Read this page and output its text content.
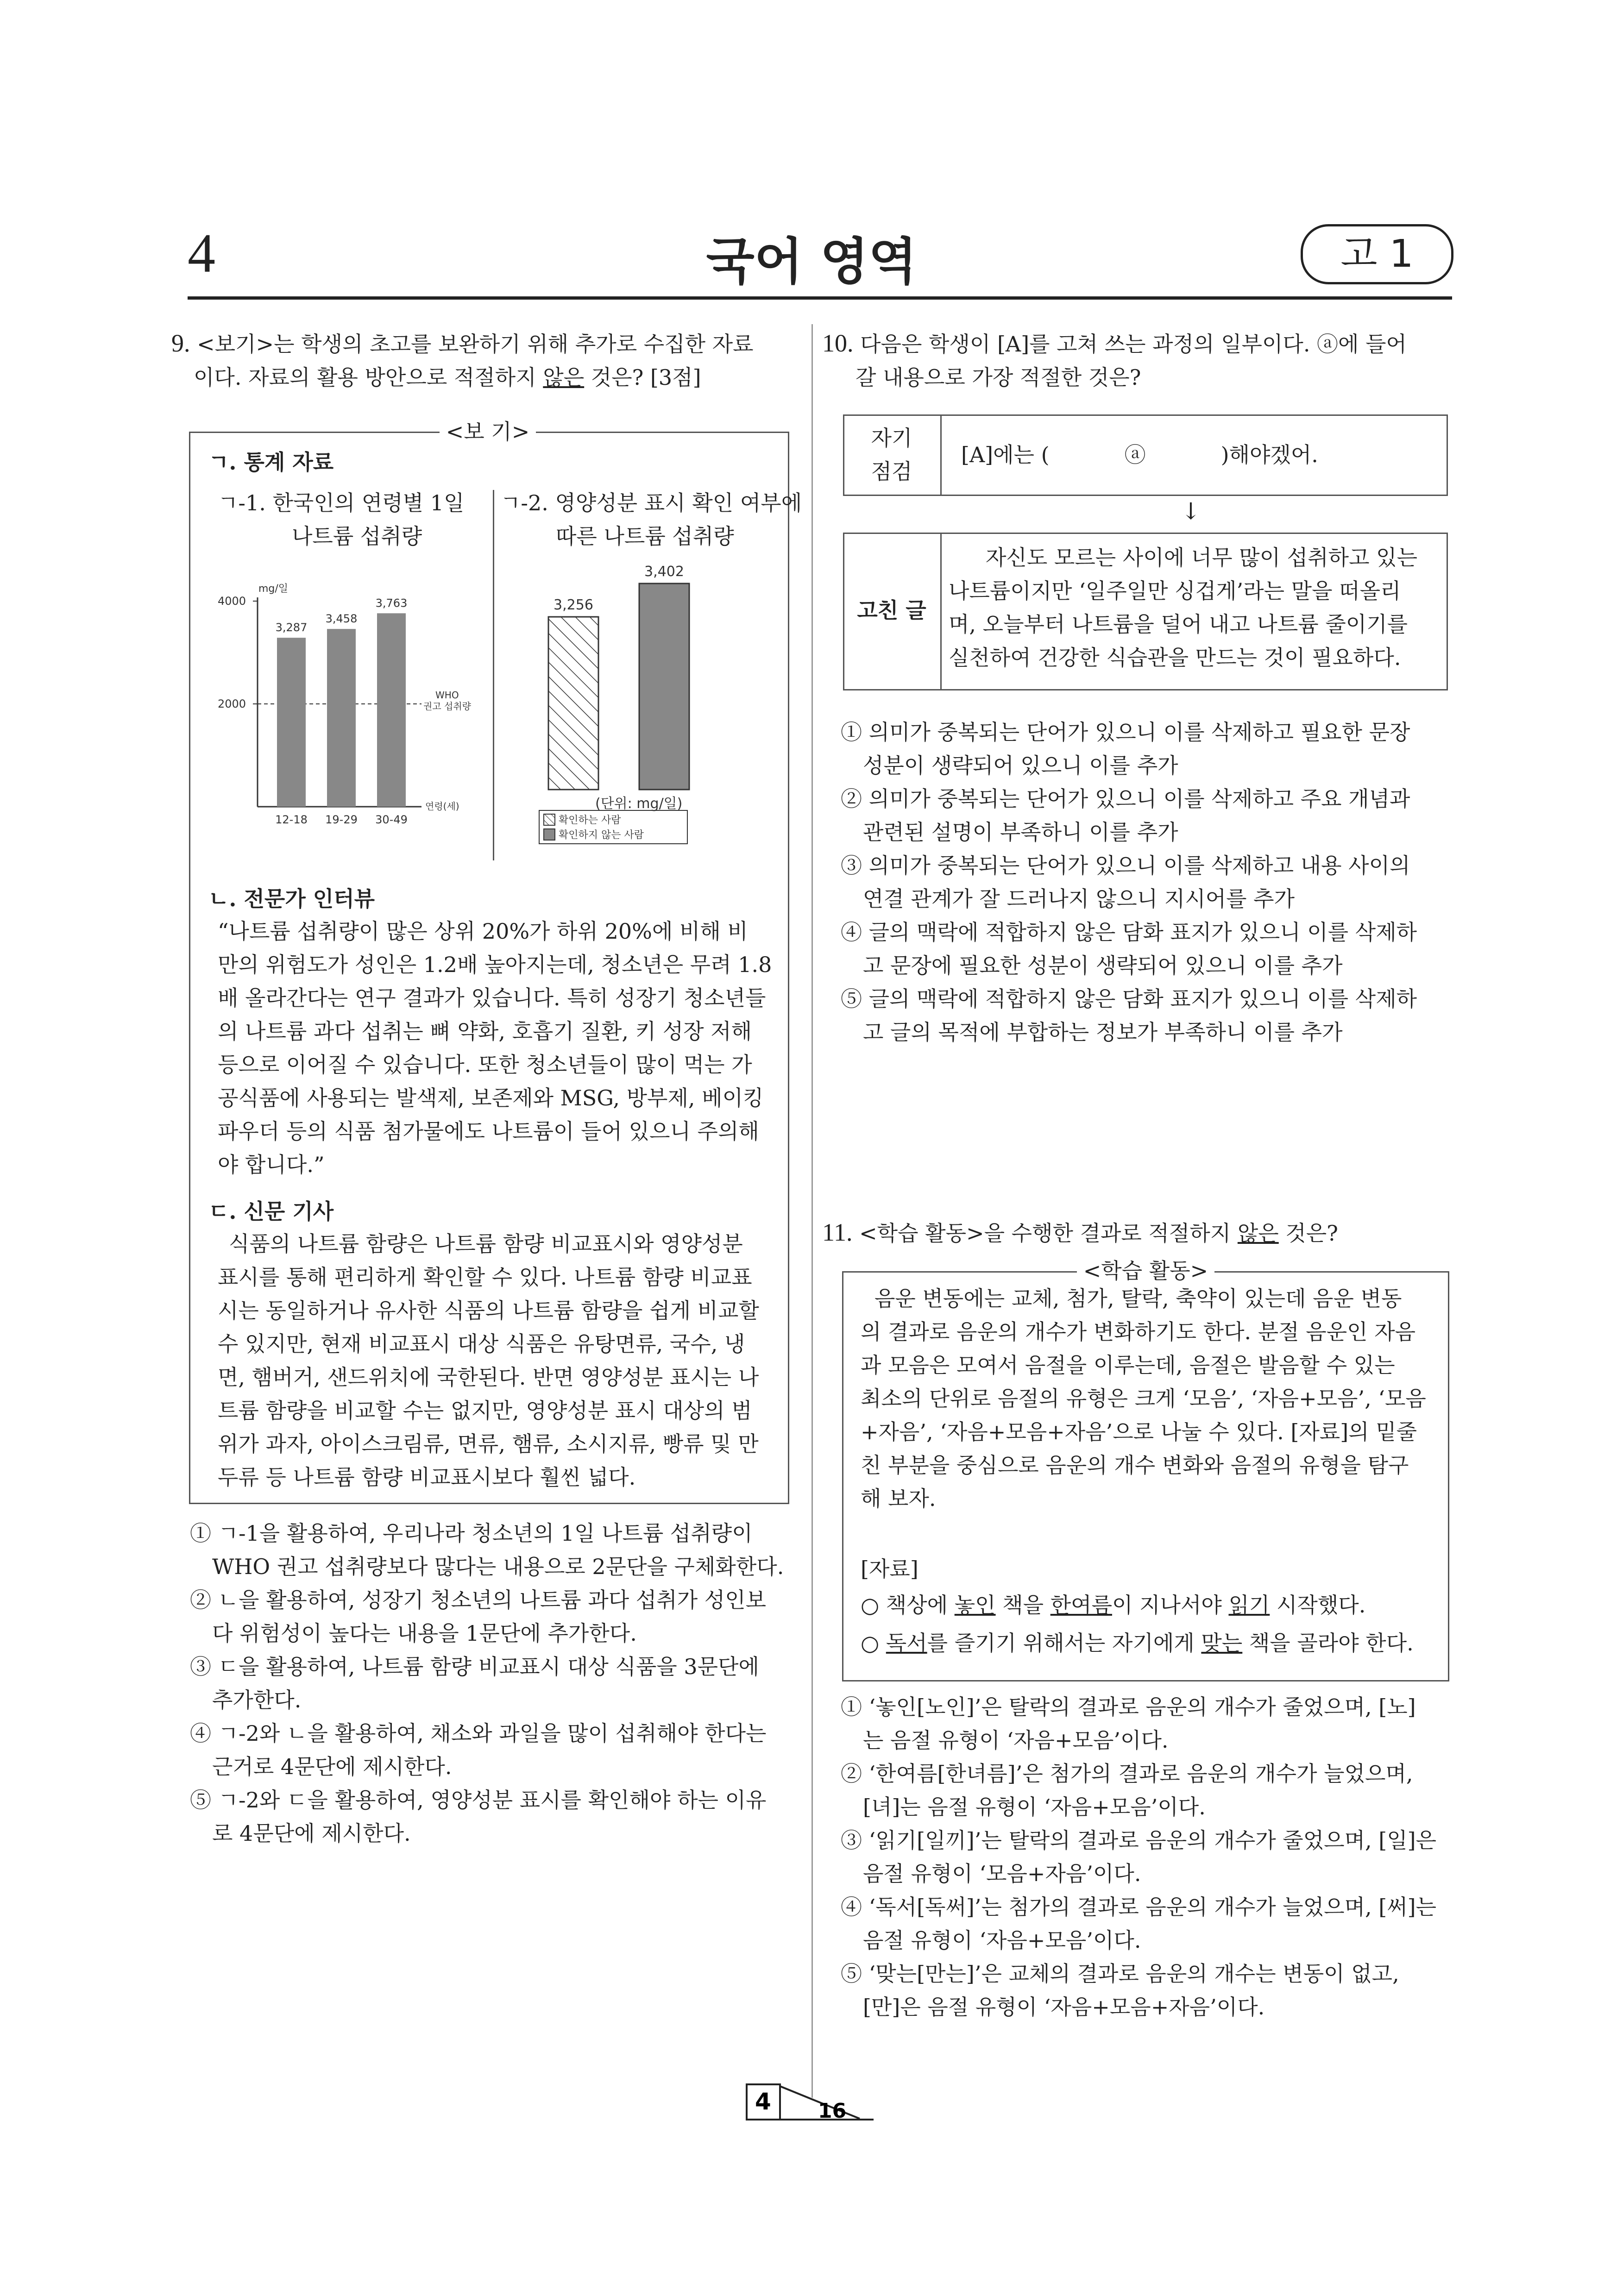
4	국어 영역	고 1
9. <보기>는 학생의 초고를 보완하기 위해 추가로 수집한 자료
이다. 자료의 활용 방안으로 적절하지 않은 것은? [3점]
<보 기>
ㄱ. 통계 자료
ㄱ-1. 한국인의 연령별 1일
나트륨 섭취량
ㄱ-2. 영양성분 표시 확인 여부에
따른 나트륨 섭취량
mg/일
4000
2000
WHO
권고 섭취량
3,287
12-18
3,458
19-29
3,763
30-49
연령(세)
3,256
3,402
(단위: mg/일)
확인하는 사람
확인하지 않는 사람
ㄴ. 전문가 인터뷰
“나트륨 섭취량이 많은 상위 20%가 하위 20%에 비해 비
만의 위험도가 성인은 1.2배 높아지는데, 청소년은 무려 1.8
배 올라간다는 연구 결과가 있습니다. 특히 성장기 청소년들
의 나트륨 과다 섭취는 뼈 약화, 호흡기 질환, 키 성장 저해
등으로 이어질 수 있습니다. 또한 청소년들이 많이 먹는 가
공식품에 사용되는 발색제, 보존제와 MSG, 방부제, 베이킹
파우더 등의 식품 첨가물에도 나트륨이 들어 있으니 주의해
야 합니다.”
ㄷ. 신문 기사
식품의 나트륨 함량은 나트륨 함량 비교표시와 영양성분
표시를 통해 편리하게 확인할 수 있다. 나트륨 함량 비교표
시는 동일하거나 유사한 식품의 나트륨 함량을 쉽게 비교할
수 있지만, 현재 비교표시 대상 식품은 유탕면류, 국수, 냉
면, 햄버거, 샌드위치에 국한된다. 반면 영양성분 표시는 나
트륨 함량을 비교할 수는 없지만, 영양성분 표시 대상의 범
위가 과자, 아이스크림류, 면류, 햄류, 소시지류, 빵류 및 만
두류 등 나트륨 함량 비교표시보다 훨씬 넓다.
① ㄱ-1을 활용하여, 우리나라 청소년의 1일 나트륨 섭취량이
WHO 권고 섭취량보다 많다는 내용으로 2문단을 구체화한다.
② ㄴ을 활용하여, 성장기 청소년의 나트륨 과다 섭취가 성인보
다 위험성이 높다는 내용을 1문단에 추가한다.
③ ㄷ을 활용하여, 나트륨 함량 비교표시 대상 식품을 3문단에
추가한다.
④ ㄱ-2와 ㄴ을 활용하여, 채소와 과일을 많이 섭취해야 한다는
근거로 4문단에 제시한다.
⑤ ㄱ-2와 ㄷ을 활용하여, 영양성분 표시를 확인해야 하는 이유
로 4문단에 제시한다.
10. 다음은 학생이 [A]를 고쳐 쓰는 과정의 일부이다. ⓐ에 들어
갈 내용으로 가장 적절한 것은?
자기
점검
[A]에는 (	ⓐ	)해야겠어.
↓
고친 글
자신도 모르는 사이에 너무 많이 섭취하고 있는
나트륨이지만 ‘일주일만 싱겁게’라는 말을 떠올리
며, 오늘부터 나트륨을 덜어 내고 나트륨 줄이기를
실천하여 건강한 식습관을 만드는 것이 필요하다.
① 의미가 중복되는 단어가 있으니 이를 삭제하고 필요한 문장
성분이 생략되어 있으니 이를 추가
② 의미가 중복되는 단어가 있으니 이를 삭제하고 주요 개념과
관련된 설명이 부족하니 이를 추가
③ 의미가 중복되는 단어가 있으니 이를 삭제하고 내용 사이의
연결 관계가 잘 드러나지 않으니 지시어를 추가
④ 글의 맥락에 적합하지 않은 담화 표지가 있으니 이를 삭제하
고 문장에 필요한 성분이 생략되어 있으니 이를 추가
⑤ 글의 맥락에 적합하지 않은 담화 표지가 있으니 이를 삭제하
고 글의 목적에 부합하는 정보가 부족하니 이를 추가
11. <학습 활동>을 수행한 결과로 적절하지 않은 것은?
<학습 활동>
음운 변동에는 교체, 첨가, 탈락, 축약이 있는데 음운 변동
의 결과로 음운의 개수가 변화하기도 한다. 분절 음운인 자음
과 모음은 모여서 음절을 이루는데, 음절은 발음할 수 있는
최소의 단위로 음절의 유형은 크게 ‘모음’, ‘자음+모음’, ‘모음
+자음’, ‘자음+모음+자음’으로 나눌 수 있다. [자료]의 밑줄
친 부분을 중심으로 음운의 개수 변화와 음절의 유형을 탐구
해 보자.
[자료]
○ 책상에 놓인 책을 한여름이 지나서야 읽기 시작했다.
○ 독서를 즐기기 위해서는 자기에게 맞는 책을 골라야 한다.
① ‘놓인[노인]’은 탈락의 결과로 음운의 개수가 줄었으며, [노]
는 음절 유형이 ‘자음+모음’이다.
② ‘한여름[한녀름]’은 첨가의 결과로 음운의 개수가 늘었으며,
[녀]는 음절 유형이 ‘자음+모음’이다.
③ ‘읽기[일끼]’는 탈락의 결과로 음운의 개수가 줄었으며, [일]은
음절 유형이 ‘모음+자음’이다.
④ ‘독서[독써]’는 첨가의 결과로 음운의 개수가 늘었으며, [써]는
음절 유형이 ‘자음+모음’이다.
⑤ ‘맞는[만는]’은 교체의 결과로 음운의 개수는 변동이 없고,
[만]은 음절 유형이 ‘자음+모음+자음’이다.
4 16
